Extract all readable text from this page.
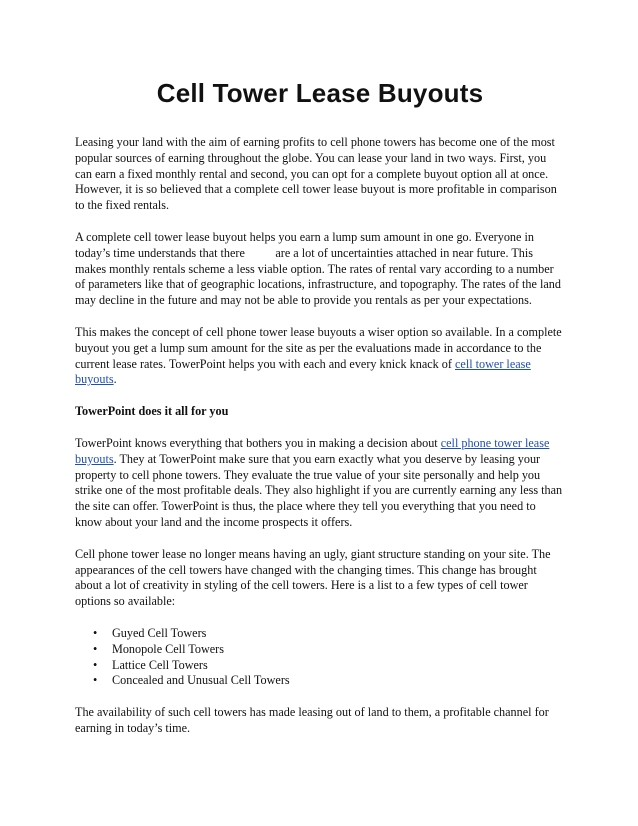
Cell Tower Lease Buyouts

Leasing your land with the aim of earning profits to cell phone towers has become one of the most popular sources of earning throughout the globe. You can lease your land in two ways. First, you can earn a fixed monthly rental and second, you can opt for a complete buyout option all at once. However, it is so believed that a complete cell tower lease buyout is more profitable in comparison to the fixed rentals.

A complete cell tower lease buyout helps you earn a lump sum amount in one go. Everyone in today’s time understands that there          are a lot of uncertainties attached in near future. This makes monthly rentals scheme a less viable option. The rates of rental vary according to a number of parameters like that of geographic locations, infrastructure, and topography. The rates of the land may decline in the future and may not be able to provide you rentals as per your expectations.

This makes the concept of cell phone tower lease buyouts a wiser option so available. In a complete buyout you get a lump sum amount for the site as per the evaluations made in accordance to the current lease rates. TowerPoint helps you with each and every knick knack of cell tower lease buyouts.

TowerPoint does it all for you

TowerPoint knows everything that bothers you in making a decision about cell phone tower lease buyouts. They at TowerPoint make sure that you earn exactly what you deserve by leasing your property to cell phone towers. They evaluate the true value of your site personally and help you strike one of the most profitable deals. They also highlight if you are currently earning any less than the site can offer. TowerPoint is thus, the place where they tell you everything that you need to know about your land and the income prospects it offers.

Cell phone tower lease no longer means having an ugly, giant structure standing on your site. The appearances of the cell towers have changed with the changing times. This change has brought about a lot of creativity in styling of the cell towers. Here is a list to a few types of cell tower options so available:

• Guyed Cell Towers
• Monopole Cell Towers
• Lattice Cell Towers
• Concealed and Unusual Cell Towers

The availability of such cell towers has made leasing out of land to them, a profitable channel for earning in today’s time.
